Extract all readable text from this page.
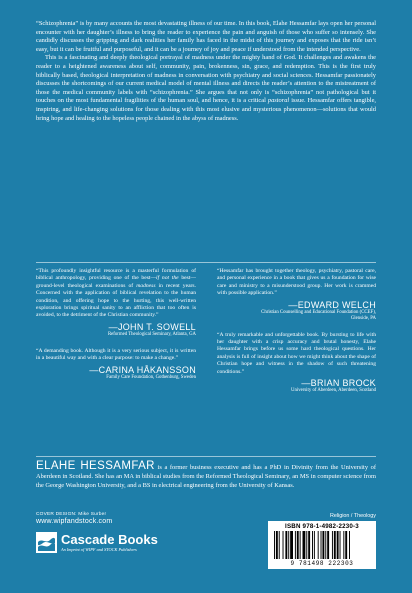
“Schizophrenia” is by many accounts the most devastating illness of our time. In this book, Elahe Hessamfar lays open her personal encounter with her daughter’s illness to bring the reader to experience the pain and anguish of those who suffer so intensely. She candidly discusses the gripping and dark realities her family has faced in the midst of this journey and exposes that the ride isn’t easy, but it can be fruitful and purposeful, and it can be a journey of joy and peace if understood from the intended perspective.

This is a fascinating and deeply theological portrayal of madness under the mighty hand of God. It challenges and awakens the reader to a heightened awareness about self, community, pain, brokenness, sin, grace, and redemption. This is the first truly biblically based, theological interpretation of madness in conversation with psychiatry and social sciences. Hessamfar passionately discusses the shortcomings of our current medical model of mental illness and directs the reader’s attention to the mistreatment of those the medical community labels with “schizophrenia.” She argues that not only is “schizophrenia” not pathological but it touches on the most fundamental fragilities of the human soul, and hence, it is a critical pastoral issue. Hessamfar offers tangible, inspiring, and life-changing solutions for those dealing with this most elusive and mysterious phenomenon—solutions that would bring hope and healing to the hopeless people chained in the abyss of madness.

“This profoundly insightful resource is a masterful formulation of biblical anthropology, providing one of the best—if not the best—ground-level theological examinations of madness in recent years. Concerned with the application of biblical revelation to the human condition, and offering hope to the hurting, this well-written exploration brings spiritual sanity to an affliction that too often is avoided, to the detriment of the Christian community.”

—JOHN T. SOWELL
Reformed Theological Seminary, Atlanta, GA

“A demanding book. Although it is a very serious subject, it is written in a beautiful way and with a clear purpose: to make a change.”

—CARINA HÅKANSSON
Family Care Foundation, Gothenburg, Sweden

“Hessamfar has brought together theology, psychiatry, pastoral care, and personal experience in a book that gives us a foundation for wise care and ministry to a misunderstood group. Her work is crammed with possible application.”

—EDWARD WELCH
Christian Counselling and Educational Foundation (CCEF),
Glenside, PA

“A truly remarkable and unforgettable book. By bursting to life with her daughter with a crisp accuracy and brutal honesty, Elahe Hessamfar brings before us some hard theological questions. Her analysis is full of insight about how we might think about the shape of Christian hope and witness in the shadow of such threatening conditions.”

—BRIAN BROCK
University of Aberdeen, Aberdeen, Scotland
ELAHE HESSAMFAR is a former business executive and has a PhD in Divinity from the University of Aberdeen in Scotland. She has an MA in biblical studies from the Reformed Theological Seminary, an MS in computer science from the George Washington University, and a BS in electrical engineering from the University of Kansas.
COVER DESIGN: Mike Surber
www.wipfandstock.com
Cascade Books
An Imprint of WIPF and STOCK Publishers
Religion / Theology
ISBN 978-1-4982-2230-3
9 781498 222303
